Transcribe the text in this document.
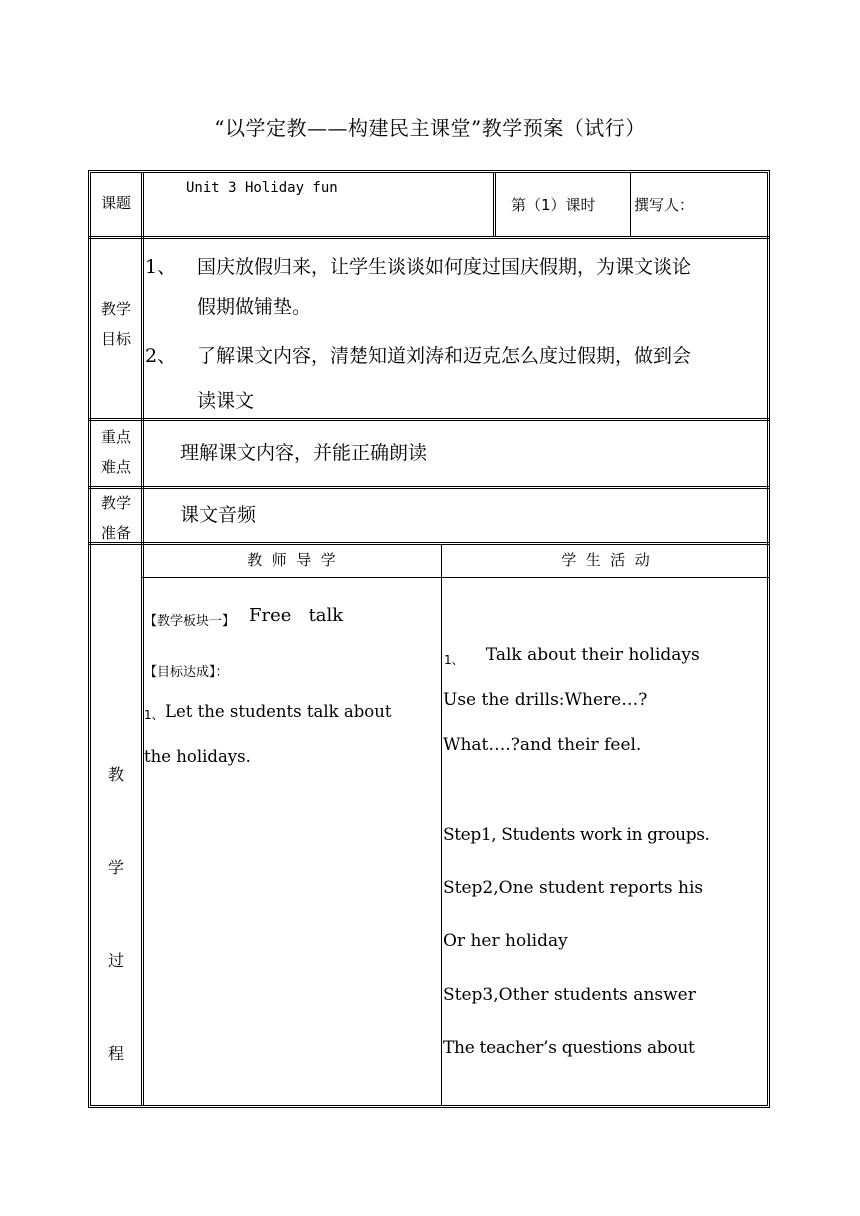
“以学定教——构建民主课堂”教学预案（试行）
课题
Unit 3 Holiday fun
第（1）课时	撰写人：
教学
目标
1、 国庆放假归来，让学生谈谈如何度过国庆假期，为课文谈论
假期做铺垫。
2、 了解课文内容，清楚知道刘涛和迈克怎么度过假期，做到会
读课文
重点
难点
理解课文内容，并能正确朗读
教学
准备
课文音频
教
学
过
程
教  师  导  学	学  生  活  动
【教学板块一】 Free   talk
【目标达成】：
1、 Let the students talk about
the holidays.
1、 Talk about their holidays
Use the drills:Where…?
What….?and their feel.
Step1, Students work in groups.
Step2,One student reports his
Or her holiday
Step3,Other students answer
The teacher’s questions about
